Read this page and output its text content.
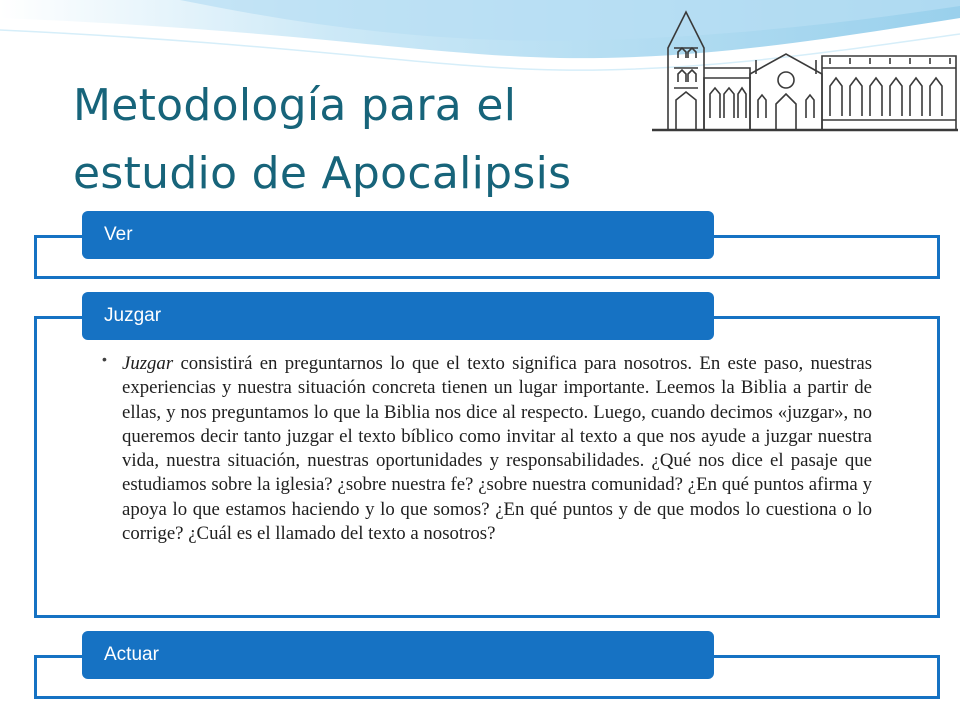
Metodología para el
estudio de Apocalipsis
Ver
Juzgar
• Juzgar consistirá en preguntarnos lo que el texto significa para nosotros. En este paso, nuestras experiencias y nuestra situación concreta tienen un lugar importante. Leemos la Biblia a partir de ellas, y nos preguntamos lo que la Biblia nos dice al respecto. Luego, cuando decimos «juzgar», no queremos decir tanto juzgar el texto bíblico como invitar al texto a que nos ayude a juzgar nuestra vida, nuestra situación, nuestras oportunidades y responsabilidades. ¿Qué nos dice el pasaje que estudiamos sobre la iglesia? ¿sobre nuestra fe? ¿sobre nuestra comunidad? ¿En qué puntos afirma y apoya lo que estamos haciendo y lo que somos? ¿En qué puntos y de que modos lo cuestiona o lo corrige? ¿Cuál es el llamado del texto a nosotros?

Actuar
